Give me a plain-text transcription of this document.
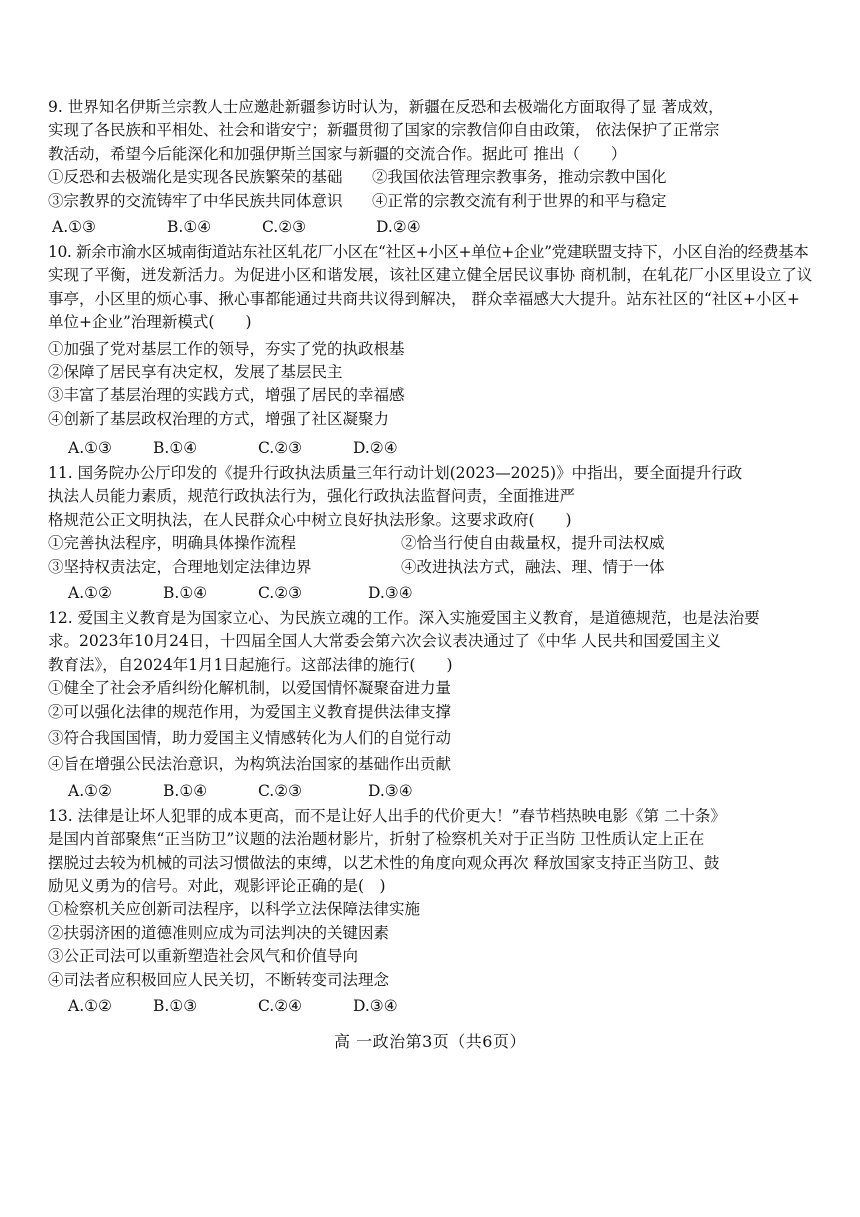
9. 世界知名伊斯兰宗教人士应邀赴新疆参访时认为，新疆在反恐和去极端化方面取得了显 著成效，
实现了各民族和平相处、社会和谐安宁；新疆贯彻了国家的宗教信仰自由政策， 依法保护了正常宗
教活动，希望今后能深化和加强伊斯兰国家与新疆的交流合作。据此可 推出（　　）
①反恐和去极端化是实现各民族繁荣的基础 ②我国依法管理宗教事务，推动宗教中国化
③宗教界的交流铸牢了中华民族共同体意识 ④正常的宗教交流有利于世界的和平与稳定
A.①③	B.①④	C.②③	D.②④
10. 新余市渝水区城南街道站东社区轧花厂小区在“社区+小区+单位+企业”党建联盟支持下，小区自治的经费基本
实现了平衡，迸发新活力。为促进小区和谐发展，该社区建立健全居民议事协 商机制，在轧花厂小区里设立了议
事亭，小区里的烦心事、揪心事都能通过共商共议得到解决， 群众幸福感大大提升。站东社区的“社区+小区+
单位+企业”治理新模式(　　)
①加强了党对基层工作的领导，夯实了党的执政根基
②保障了居民享有决定权，发展了基层民主
③丰富了基层治理的实践方式，增强了居民的幸福感
④创新了基层政权治理的方式，增强了社区凝聚力
A.①③	B.①④	C.②③	D.②④
11. 国务院办公厅印发的《提升行政执法质量三年行动计划(2023—2025)》中指出，要全面提升行政
执法人员能力素质，规范行政执法行为，强化行政执法监督问责，全面推进严
格规范公正文明执法，在人民群众心中树立良好执法形象。这要求政府(　　)
①完善执法程序，明确具体操作流程	②恰当行使自由裁量权，提升司法权威
③坚持权责法定，合理地划定法律边界	④改进执法方式，融法、理、情于一体
A.①②	B.①④	C.②③	D.③④
12. 爱国主义教育是为国家立心、为民族立魂的工作。深入实施爱国主义教育，是道德规范，也是法治要
求。2023年10月24日，十四届全国人大常委会第六次会议表决通过了《中华 人民共和国爱国主义
教育法》，自2024年1月1日起施行。这部法律的施行(　　)
①健全了社会矛盾纠纷化解机制，以爱国情怀凝聚奋进力量
②可以强化法律的规范作用，为爱国主义教育提供法律支撑
③符合我国国情，助力爱国主义情感转化为人们的自觉行动
④旨在增强公民法治意识，为构筑法治国家的基础作出贡献
A.①②	B.①④	C.②③	D.③④
13. 法律是让坏人犯罪的成本更高，而不是让好人出手的代价更大！”春节档热映电影《第 二十条》
是国内首部聚焦“正当防卫”议题的法治题材影片，折射了检察机关对于正当防 卫性质认定上正在
摆脱过去较为机械的司法习惯做法的束缚，以艺术性的角度向观众再次 释放国家支持正当防卫、鼓
励见义勇为的信号。对此，观影评论正确的是(　)
①检察机关应创新司法程序，以科学立法保障法律实施
②扶弱济困的道德准则应成为司法判决的关键因素
③公正司法可以重新塑造社会风气和价值导向
④司法者应积极回应人民关切，不断转变司法理念
A.①②	B.①③	C.②④	D.③④
高 一政治第3页（共6页）
